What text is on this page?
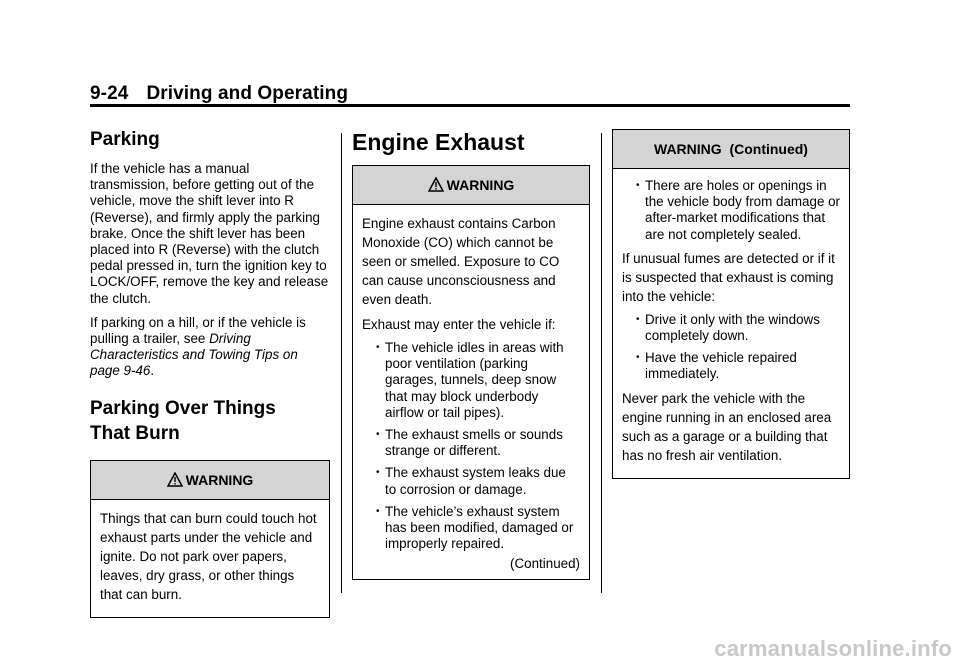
9-24 Driving and Operating
Parking

If the vehicle has a manual transmission, before getting out of the vehicle, move the shift lever into R (Reverse), and firmly apply the parking brake. Once the shift lever has been placed into R (Reverse) with the clutch pedal pressed in, turn the ignition key to LOCK/OFF, remove the key and release the clutch.

If parking on a hill, or if the vehicle is pulling a trailer, see Driving Characteristics and Towing Tips on page 9-46.

Parking Over Things
That Burn
WARNING

Things that can burn could touch hot exhaust parts under the vehicle and ignite. Do not park over papers, leaves, dry grass, or other things that can burn.

Engine Exhaust
WARNING

Engine exhaust contains Carbon Monoxide (CO) which cannot be seen or smelled. Exposure to CO can cause unconsciousness and even death.

Exhaust may enter the vehicle if:

• The vehicle idles in areas with poor ventilation (parking garages, tunnels, deep snow that may block underbody airflow or tail pipes).
• The exhaust smells or sounds strange or different.
• The exhaust system leaks due to corrosion or damage.
• The vehicle’s exhaust system has been modified, damaged or improperly repaired.
(Continued)
WARNING  (Continued)
• There are holes or openings in the vehicle body from damage or after-market modifications that are not completely sealed.

If unusual fumes are detected or if it is suspected that exhaust is coming into the vehicle:

• Drive it only with the windows completely down.
• Have the vehicle repaired immediately.

Never park the vehicle with the engine running in an enclosed area such as a garage or a building that has no fresh air ventilation.

carmanualsonline.info
